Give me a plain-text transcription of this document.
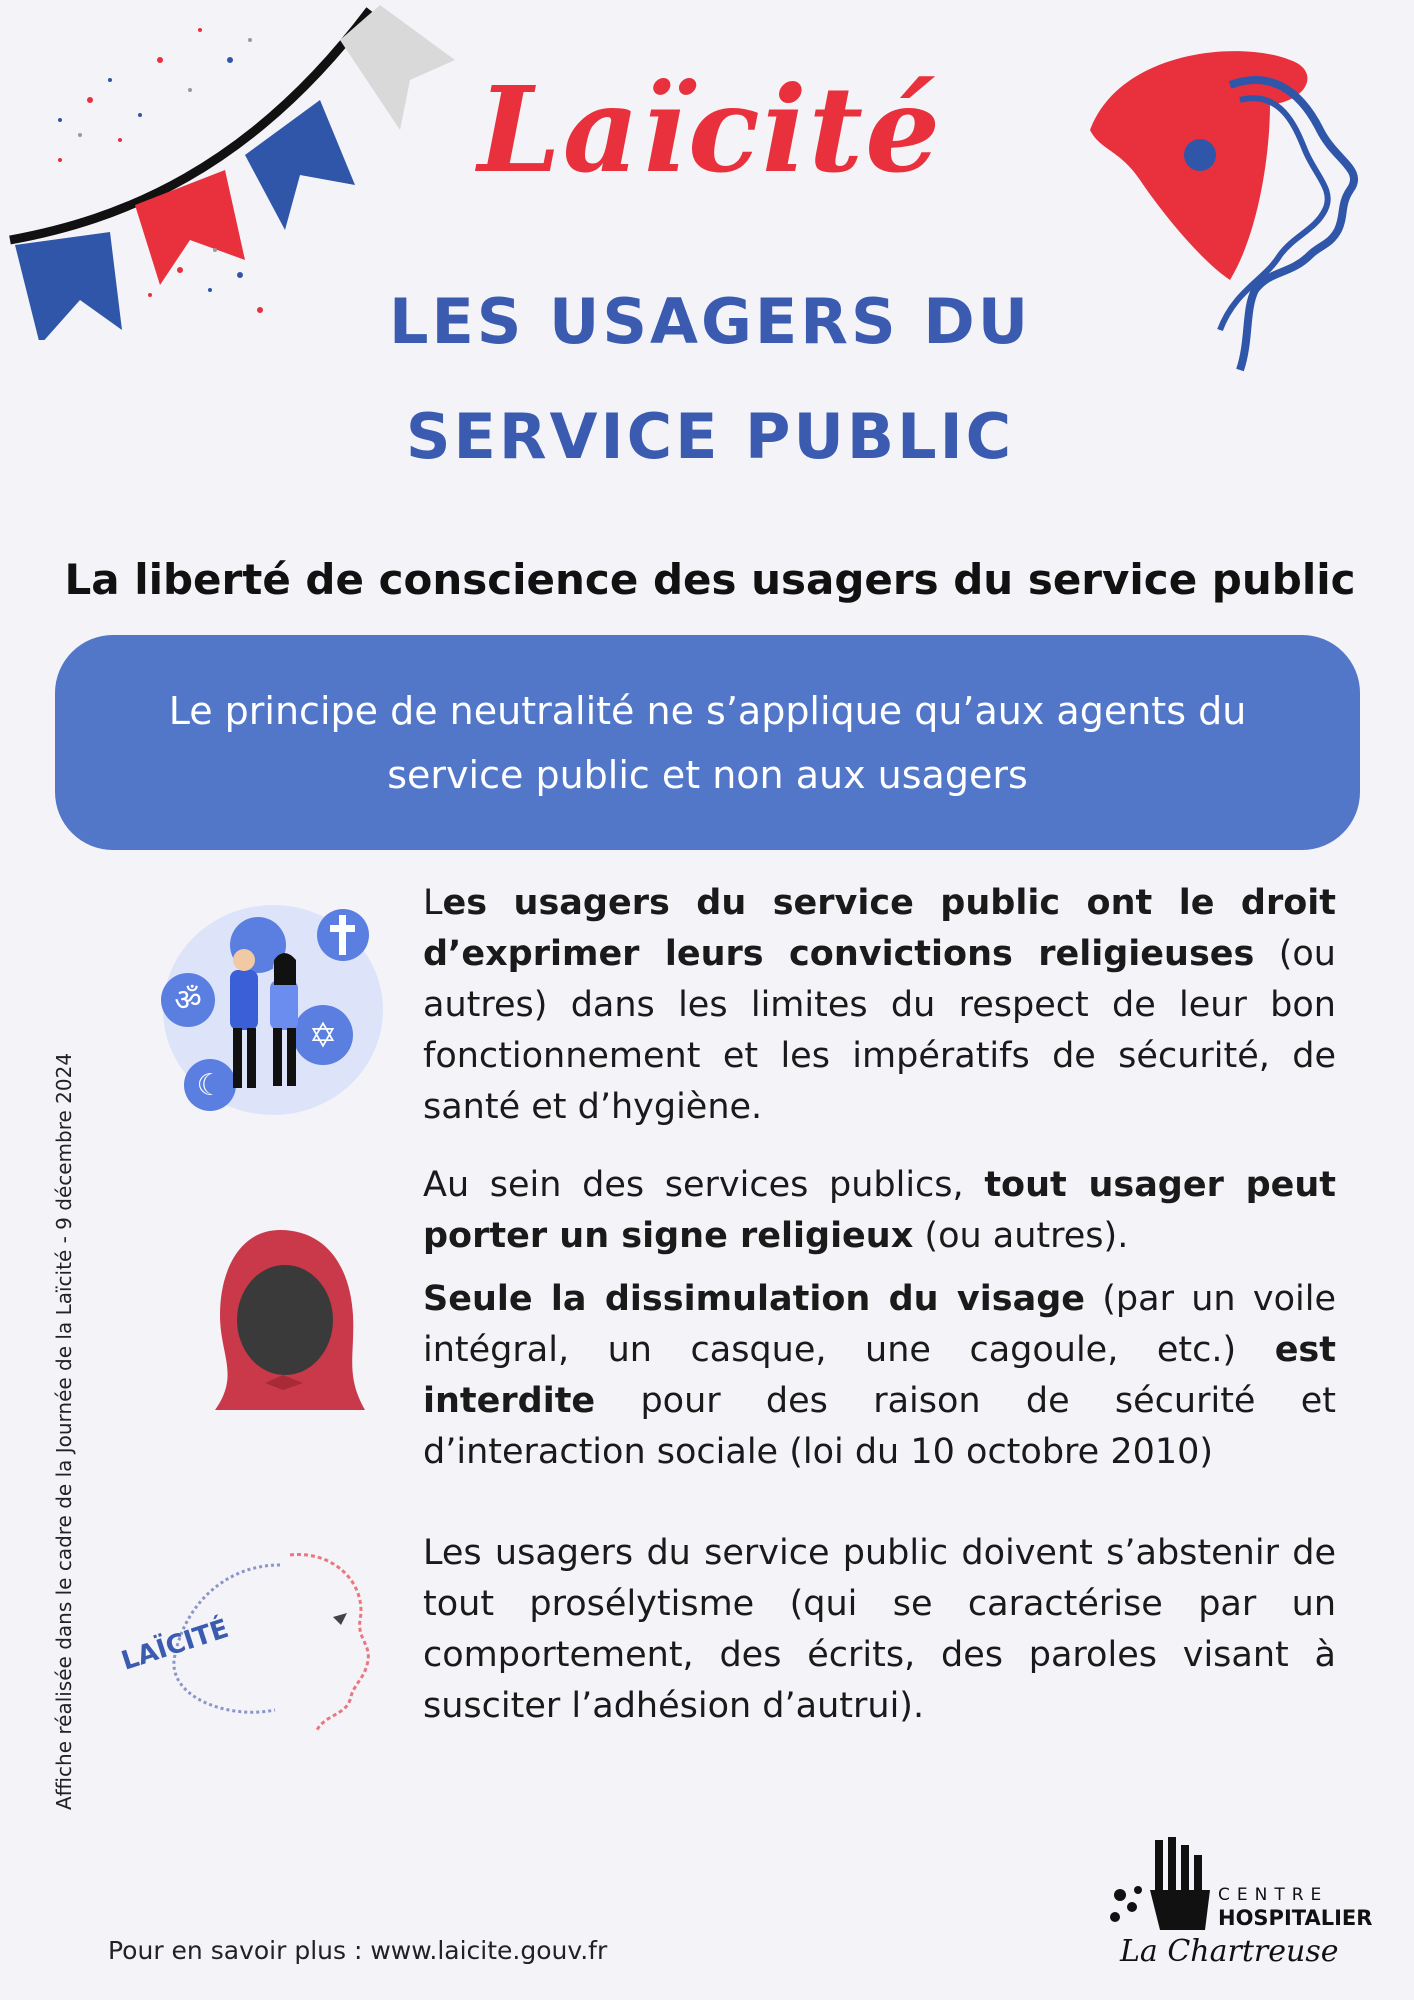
Laïcité
LES USAGERS DU
SERVICE PUBLIC
La liberté de conscience des usagers du service public
Le principe de neutralité ne s’applique qu’aux agents du service public et non aux usagers
ॐ
✡
☾
LAÏCITÉ
Les usagers du service public ont le droit d’exprimer leurs convictions religieuses (ou autres) dans les limites du respect de leur bon fonctionnement et les impératifs de sécurité, de santé et d’hygiène.
Au sein des services publics, tout usager peut porter un signe religieux (ou autres).
Seule la dissimulation du visage (par un voile intégral, un casque, une cagoule, etc.) est interdite pour des raison de sécurité et d’interaction sociale (loi du 10 octobre 2010)
Les usagers du service public doivent s’abstenir de tout prosélytisme (qui se caractérise par un comportement, des écrits, des paroles visant à susciter l’adhésion d’autrui).
Affiche réalisée dans le cadre de la Journée de la Laïcité - 9 décembre 2024
Pour en savoir plus : www.laicite.gouv.fr
CENTRE
HOSPITALIER
La Chartreuse
